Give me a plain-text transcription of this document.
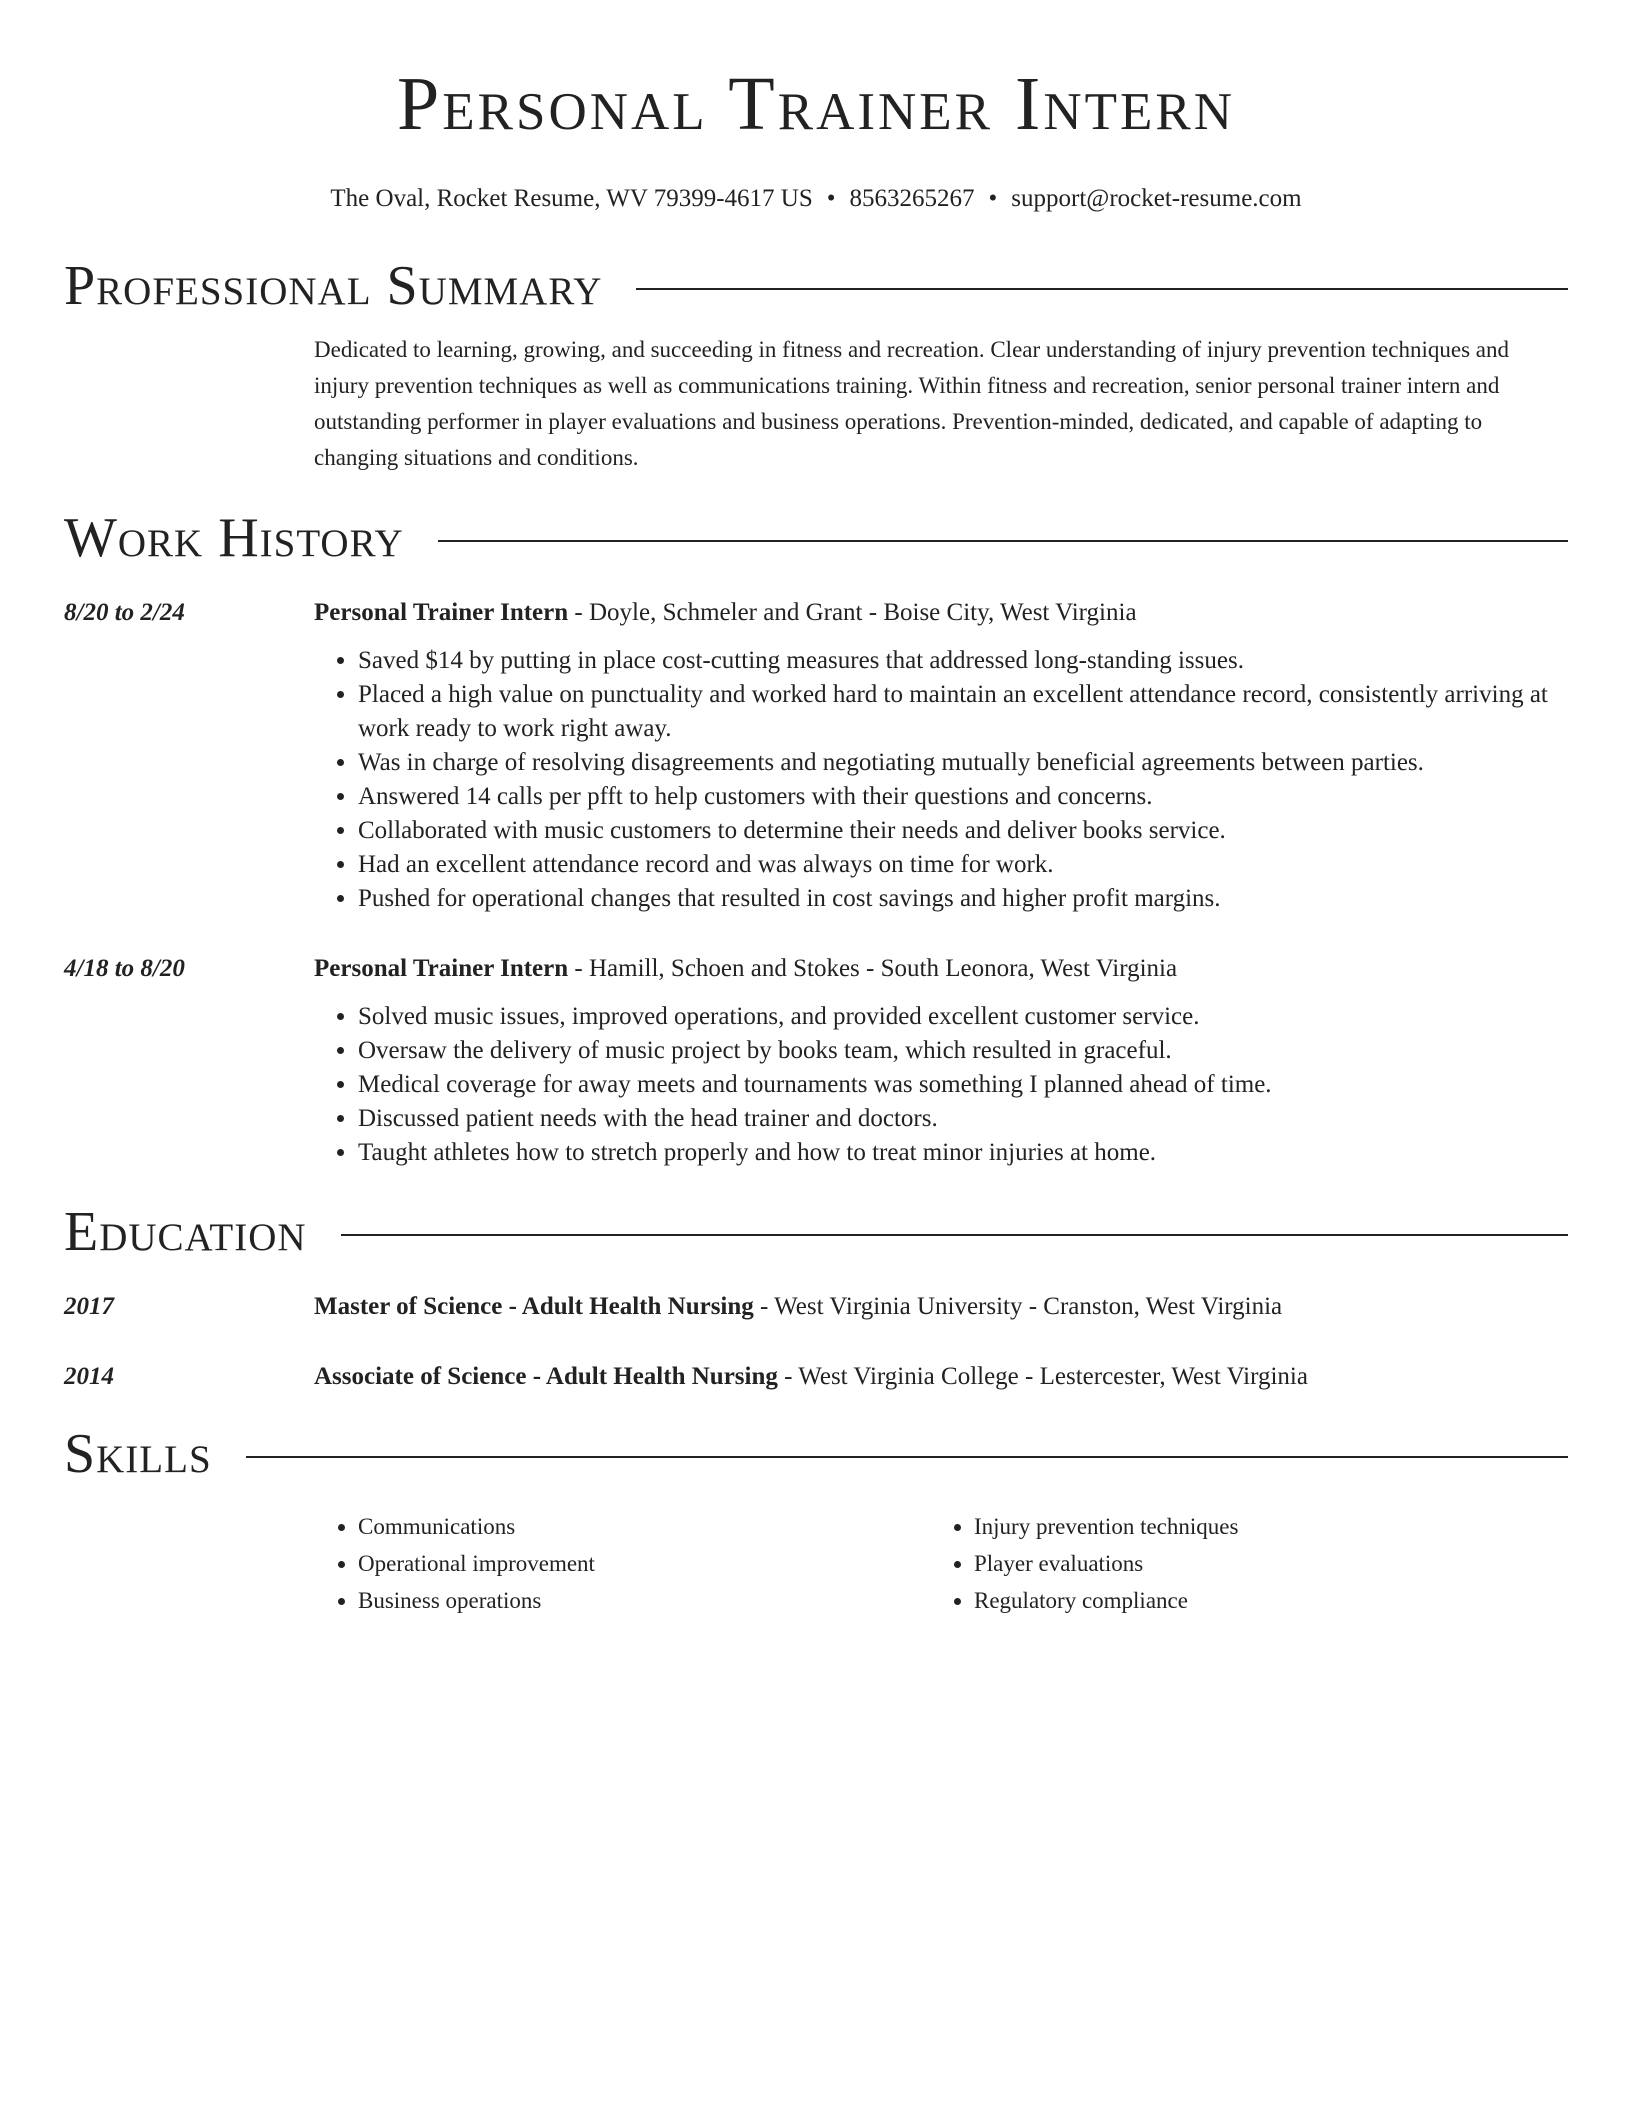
Personal Trainer Intern
The Oval, Rocket Resume, WV 79399-4617 US • 8563265267 • support@rocket-resume.com
Professional Summary
Dedicated to learning, growing, and succeeding in fitness and recreation. Clear understanding of injury prevention techniques and injury prevention techniques as well as communications training. Within fitness and recreation, senior personal trainer intern and outstanding performer in player evaluations and business operations. Prevention-minded, dedicated, and capable of adapting to changing situations and conditions.
Work History
8/20 to 2/24	Personal Trainer Intern - Doyle, Schmeler and Grant - Boise City, West Virginia
• Saved $14 by putting in place cost-cutting measures that addressed long-standing issues.
• Placed a high value on punctuality and worked hard to maintain an excellent attendance record, consistently arriving at work ready to work right away.
• Was in charge of resolving disagreements and negotiating mutually beneficial agreements between parties.
• Answered 14 calls per pfft to help customers with their questions and concerns.
• Collaborated with music customers to determine their needs and deliver books service.
• Had an excellent attendance record and was always on time for work.
• Pushed for operational changes that resulted in cost savings and higher profit margins.
4/18 to 8/20	Personal Trainer Intern - Hamill, Schoen and Stokes - South Leonora, West Virginia
• Solved music issues, improved operations, and provided excellent customer service.
• Oversaw the delivery of music project by books team, which resulted in graceful.
• Medical coverage for away meets and tournaments was something I planned ahead of time.
• Discussed patient needs with the head trainer and doctors.
• Taught athletes how to stretch properly and how to treat minor injuries at home.
Education
2017	Master of Science - Adult Health Nursing - West Virginia University - Cranston, West Virginia
2014	Associate of Science - Adult Health Nursing - West Virginia College - Lestercester, West Virginia
Skills
• Communications
• Operational improvement
• Business operations
• Injury prevention techniques
• Player evaluations
• Regulatory compliance
